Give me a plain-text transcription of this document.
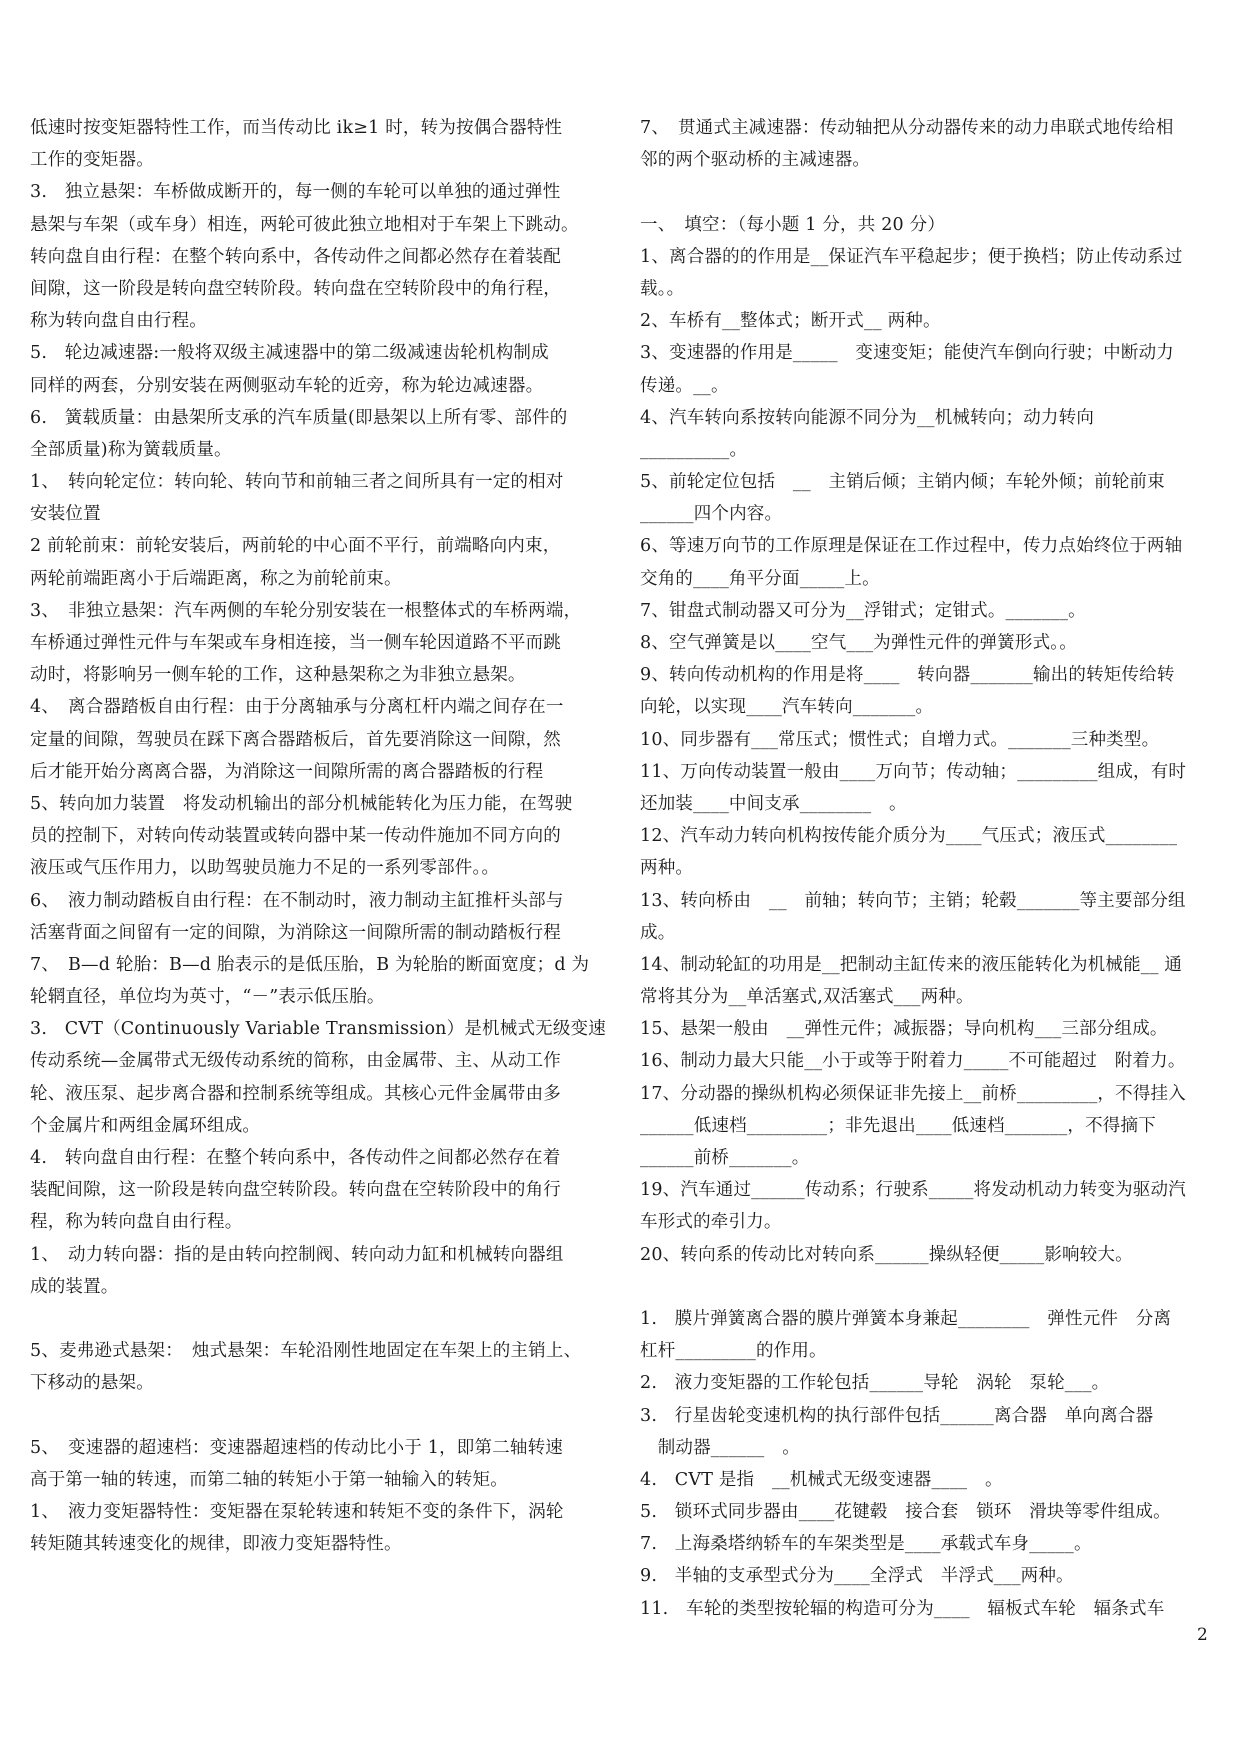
低速时按变矩器特性工作，而当传动比 ik≥1 时，转为按偶合器特性
工作的变矩器。
3.　独立悬架：车桥做成断开的，每一侧的车轮可以单独的通过弹性
悬架与车架（或车身）相连，两轮可彼此独立地相对于车架上下跳动。
转向盘自由行程：在整个转向系中，各传动件之间都必然存在着装配
间隙，这一阶段是转向盘空转阶段。转向盘在空转阶段中的角行程，
称为转向盘自由行程。
5.　轮边减速器:一般将双级主减速器中的第二级减速齿轮机构制成
同样的两套，分别安装在两侧驱动车轮的近旁，称为轮边减速器。
6.　簧载质量：由悬架所支承的汽车质量(即悬架以上所有零、部件的
全部质量)称为簧载质量。
1、　转向轮定位：转向轮、转向节和前轴三者之间所具有一定的相对
安装位置
2 前轮前束：前轮安装后，两前轮的中心面不平行，前端略向内束，
两轮前端距离小于后端距离，称之为前轮前束。
3、　非独立悬架：汽车两侧的车轮分别安装在一根整体式的车桥两端，
车桥通过弹性元件与车架或车身相连接，当一侧车轮因道路不平而跳
动时，将影响另一侧车轮的工作，这种悬架称之为非独立悬架。
4、　离合器踏板自由行程：由于分离轴承与分离杠杆内端之间存在一
定量的间隙，驾驶员在踩下离合器踏板后，首先要消除这一间隙，然
后才能开始分离离合器，为消除这一间隙所需的离合器踏板的行程
5、转向加力装置　将发动机输出的部分机械能转化为压力能，在驾驶
员的控制下，对转向传动装置或转向器中某一传动件施加不同方向的
液压或气压作用力，以助驾驶员施力不足的一系列零部件。。
6、　液力制动踏板自由行程：在不制动时，液力制动主缸推杆头部与
活塞背面之间留有一定的间隙，为消除这一间隙所需的制动踏板行程
7、　B—d 轮胎：B—d 胎表示的是低压胎，B 为轮胎的断面宽度；d 为
轮辋直径，单位均为英寸，“－”表示低压胎。
3.　CVT（Continuously Variable Transmission）是机械式无级变速
传动系统—金属带式无级传动系统的简称，由金属带、主、从动工作
轮、液压泵、起步离合器和控制系统等组成。其核心元件金属带由多
个金属片和两组金属环组成。
4.　转向盘自由行程：在整个转向系中，各传动件之间都必然存在着
装配间隙，这一阶段是转向盘空转阶段。转向盘在空转阶段中的角行
程，称为转向盘自由行程。
1、　动力转向器：指的是由转向控制阀、转向动力缸和机械转向器组
成的装置。
5、麦弗逊式悬架：　烛式悬架：车轮沿刚性地固定在车架上的主销上、
下移动的悬架。
5、　变速器的超速档：变速器超速档的传动比小于 1，即第二轴转速
高于第一轴的转速，而第二轴的转矩小于第一轴输入的转矩。
1、　液力变矩器特性：变矩器在泵轮转速和转矩不变的条件下，涡轮
转矩随其转速变化的规律，即液力变矩器特性。
7、　贯通式主减速器：传动轴把从分动器传来的动力串联式地传给相
邻的两个驱动桥的主减速器。
一、　填空：（每小题 1 分，共 20 分）
1、离合器的的作用是__保证汽车平稳起步；便于换档；防止传动系过
载。。
2、车桥有__整体式；断开式__ 两种。
3、变速器的作用是_____　变速变矩；能使汽车倒向行驶；中断动力
传递。__。
4、汽车转向系按转向能源不同分为__机械转向；动力转向
__________。
5、前轮定位包括　__　主销后倾；主销内倾；车轮外倾；前轮前束
______四个内容。
6、等速万向节的工作原理是保证在工作过程中，传力点始终位于两轴
交角的____角平分面_____上。
7、钳盘式制动器又可分为__浮钳式；定钳式。_______。
8、空气弹簧是以____空气___为弹性元件的弹簧形式。。
9、转向传动机构的作用是将____　转向器_______输出的转矩传给转
向轮，以实现____汽车转向_______。
10、同步器有___常压式；惯性式；自增力式。_______三种类型。
11、万向传动装置一般由____万向节；传动轴；_________组成，有时
还加装____中间支承________　。
12、汽车动力转向机构按传能介质分为____气压式；液压式________
两种。
13、转向桥由　__　前轴；转向节；主销；轮毂_______等主要部分组
成。
14、制动轮缸的功用是__把制动主缸传来的液压能转化为机械能__ 通
常将其分为__单活塞式,双活塞式___两种。
15、悬架一般由　__弹性元件；减振器；导向机构___三部分组成。
16、制动力最大只能__小于或等于附着力_____不可能超过　附着力。
17、分动器的操纵机构必须保证非先接上__前桥_________，不得挂入
______低速档_________；非先退出____低速档_______，不得摘下
______前桥_______。
19、汽车通过______传动系；行驶系_____将发动机动力转变为驱动汽
车形式的牵引力。
20、转向系的传动比对转向系______操纵轻便_____影响较大。
1.　膜片弹簧离合器的膜片弹簧本身兼起________　弹性元件　分离
杠杆_________的作用。
2.　液力变矩器的工作轮包括______导轮　涡轮　泵轮___。
3.　行星齿轮变速机构的执行部件包括______离合器　单向离合器
　制动器______　。
4.　CVT 是指　__机械式无级变速器____　。
5.　锁环式同步器由____花键毂　接合套　锁环　滑块等零件组成。
7.　上海桑塔纳轿车的车架类型是____承载式车身_____。
9.　半轴的支承型式分为____全浮式　半浮式___两种。
11.　车轮的类型按轮辐的构造可分为____　辐板式车轮　辐条式车
2
